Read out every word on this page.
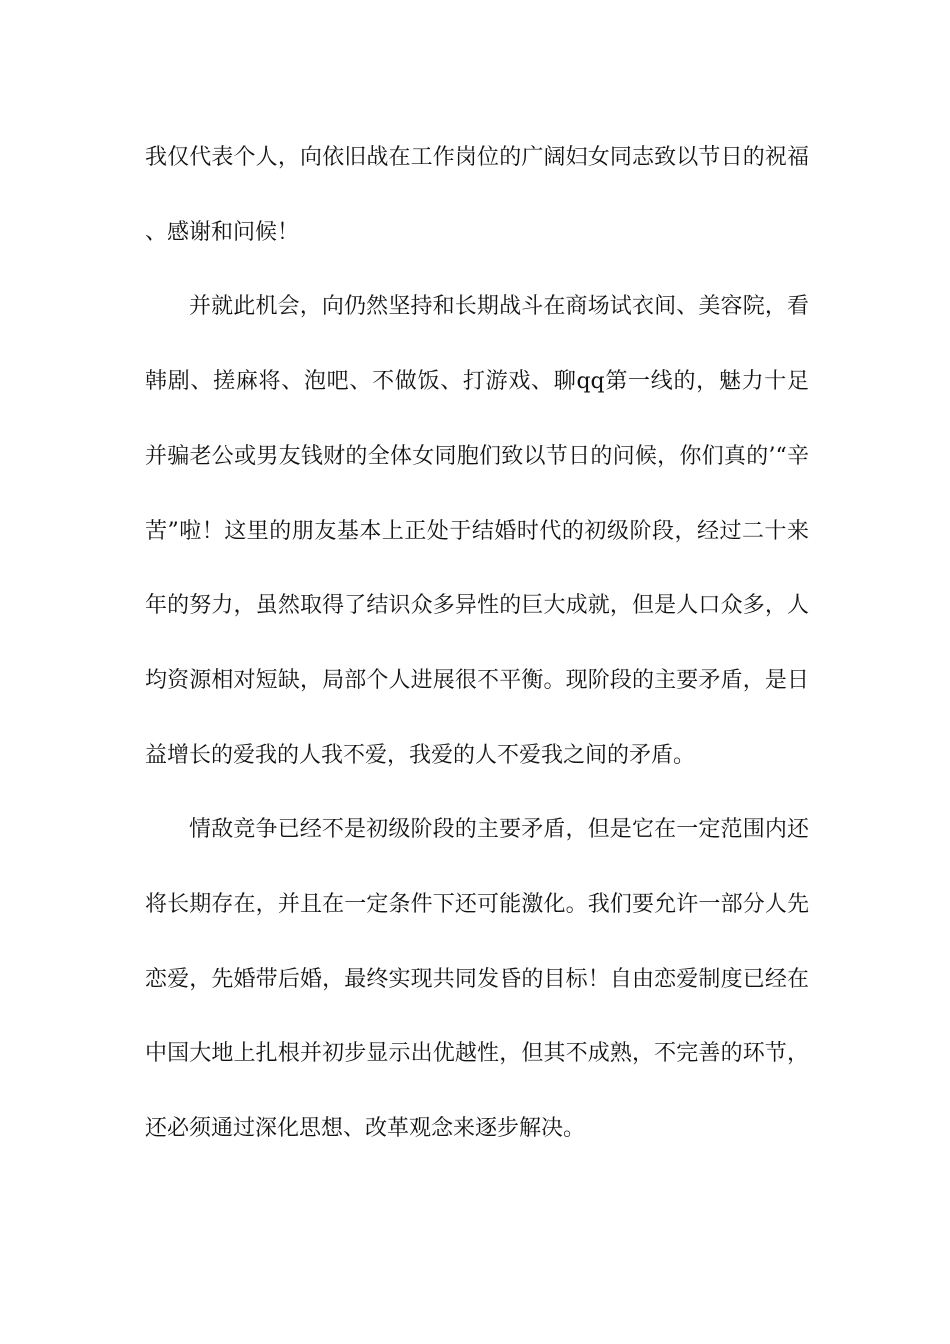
我仅代表个人，向依旧战在工作岗位的广阔妇女同志致以节日的祝福、感谢和问候！

并就此机会，向仍然坚持和长期战斗在商场试衣间、美容院，看韩剧、搓麻将、泡吧、不做饭、打游戏、聊qq第一线的，魅力十足并骗老公或男友钱财的全体女同胞们致以节日的问候，你们真的’“辛苦”啦！这里的朋友基本上正处于结婚时代的初级阶段，经过二十来年的努力，虽然取得了结识众多异性的巨大成就，但是人口众多，人均资源相对短缺，局部个人进展很不平衡。现阶段的主要矛盾，是日益增长的爱我的人我不爱，我爱的人不爱我之间的矛盾。

情敌竞争已经不是初级阶段的主要矛盾，但是它在一定范围内还将长期存在，并且在一定条件下还可能激化。我们要允许一部分人先恋爱，先婚带后婚，最终实现共同发昏的目标！自由恋爱制度已经在中国大地上扎根并初步显示出优越性，但其不成熟，不完善的环节，还必须通过深化思想、改革观念来逐步解决。
